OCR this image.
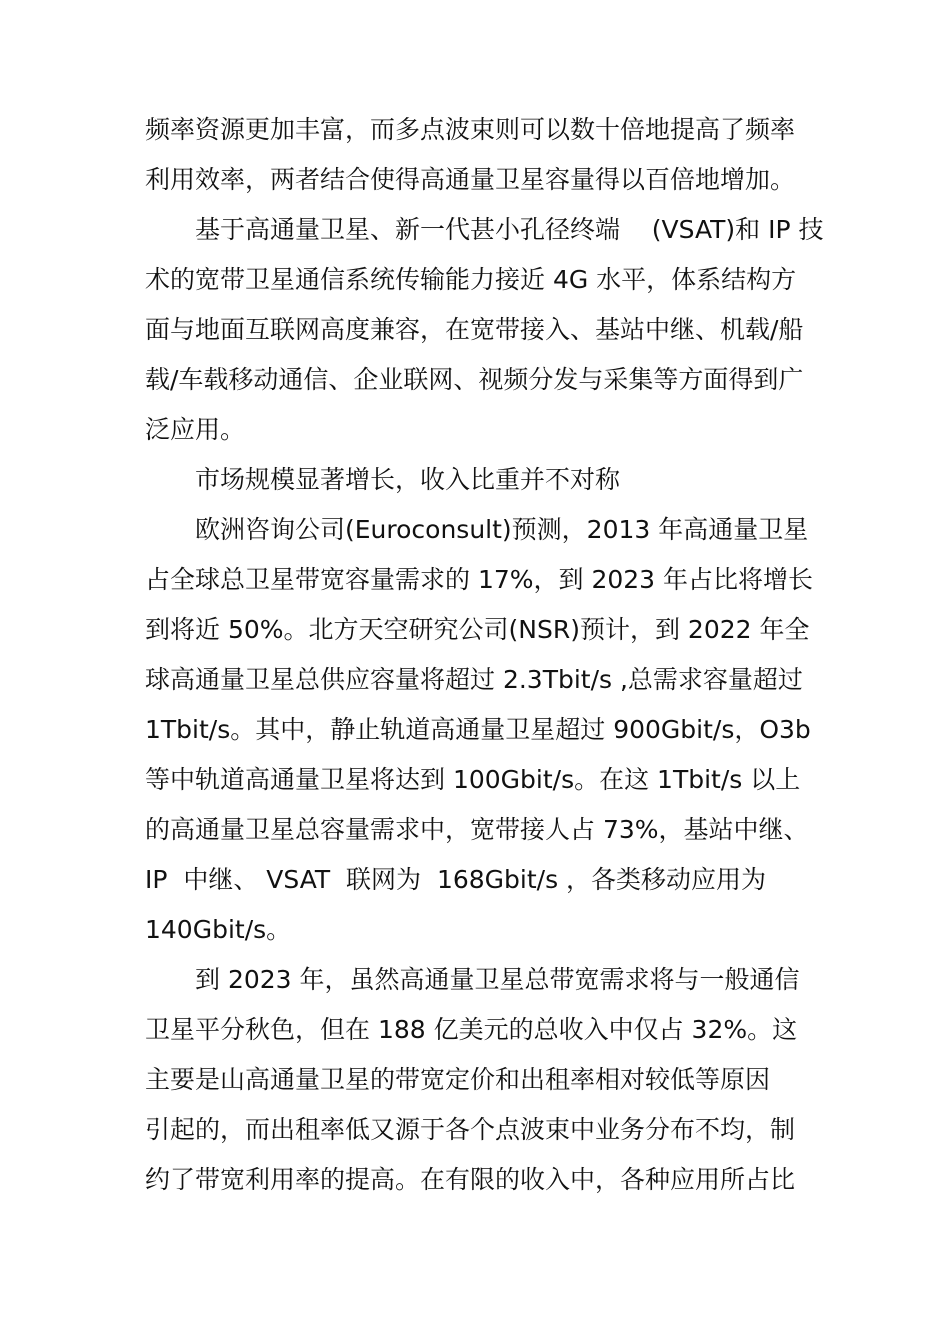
频率资源更加丰富，而多点波束则可以数十倍地提高了频率
利用效率，两者结合使得高通量卫星容量得以百倍地增加。
基于高通量卫星、新一代甚小孔径终端    (VSAT)和 IP 技
术的宽带卫星通信系统传输能力接近 4G 水平，体系结构方
面与地面互联网高度兼容，在宽带接入、基站中继、机载/船
载/车载移动通信、企业联网、视频分发与采集等方面得到广
泛应用。
市场规模显著增长，收入比重并不对称
欧洲咨询公司(Euroconsult)预测，2013 年高通量卫星
占全球总卫星带宽容量需求的 17%，到 2023 年占比将增长
到将近 50%。北方天空研究公司(NSR)预计，到 2022 年全
球高通量卫星总供应容量将超过 2.3Tbit/s ,总需求容量超过
1Tbit/s。其中，静止轨道高通量卫星超过 900Gbit/s，O3b
等中轨道高通量卫星将达到 100Gbit/s。在这 1Tbit/s 以上
的高通量卫星总容量需求中，宽带接人占 73%，基站中继、
IP  中继、 VSAT  联网为  168Gbit/s ，各类移动应用为
140Gbit/s。
到 2023 年，虽然高通量卫星总带宽需求将与一般通信
卫星平分秋色，但在 188 亿美元的总收入中仅占 32%。这
主要是山高通量卫星的带宽定价和出租率相对较低等原因
引起的，而出租率低又源于各个点波束中业务分布不均，制
约了带宽利用率的提高。在有限的收入中，各种应用所占比
